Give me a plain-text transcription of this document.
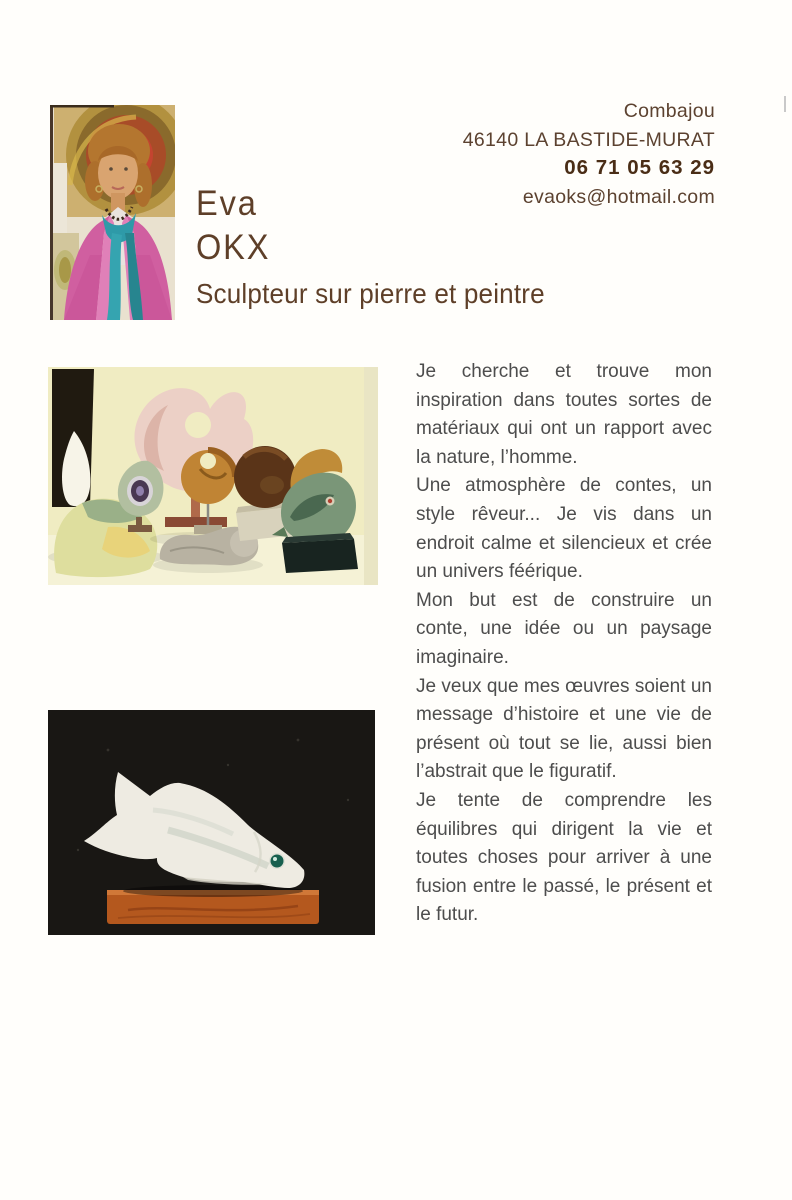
Combajou
46140 LA BASTIDE-MURAT
06 71 05 63 29
evaoks@hotmail.com
Eva
OKX
Sculpteur sur pierre et peintre

Je cherche et trouve mon inspiration dans toutes sortes de matériaux qui ont un rapport avec la nature, l’homme.

Une atmosphère de contes, un style rêveur... Je vis dans un endroit calme et silencieux et crée un univers féérique.

Mon but est de construire un conte, une idée ou un paysage imaginaire.

Je veux que mes œuvres soient un message d’histoire et une vie de présent où tout se lie, aussi bien l’abstrait que le figuratif.

Je tente de comprendre les équilibres qui dirigent la vie et toutes choses pour arriver à une fusion entre le passé, le présent et le futur.
